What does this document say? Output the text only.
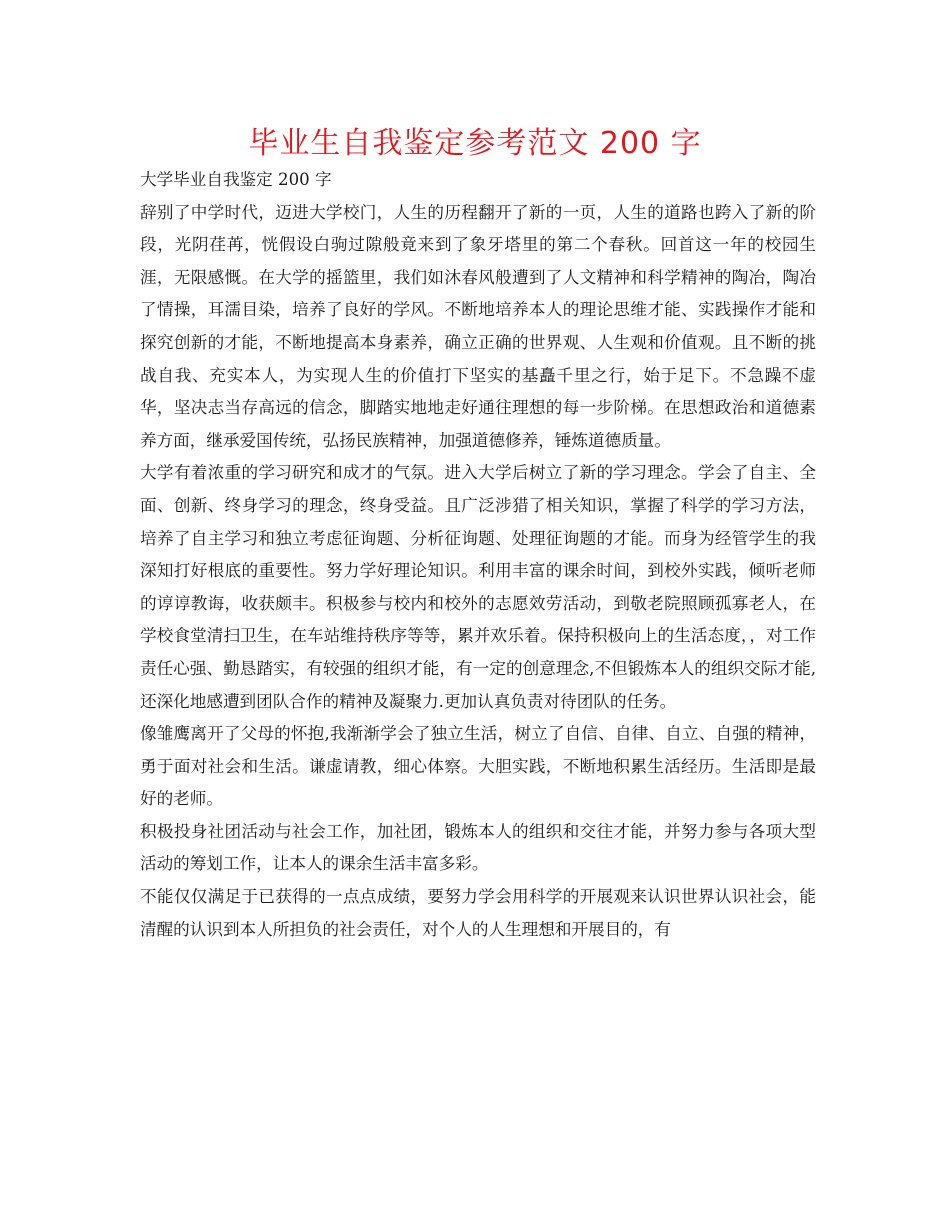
毕业生自我鉴定参考范文 200 字

大学毕业自我鉴定 200 字

辞别了中学时代，迈进大学校门，人生的历程翻开了新的一页，人生的道路也跨入了新的阶段，光阴荏苒，恍假设白驹过隙般竟来到了象牙塔里的第二个春秋。回首这一年的校园生涯，无限感慨。在大学的摇篮里，我们如沐春风般遭到了人文精神和科学精神的陶冶，陶冶了情操，耳濡目染，培养了良好的学风。不断地培养本人的理论思维才能、实践操作才能和探究创新的才能，不断地提高本身素养，确立正确的世界观、人生观和价值观。且不断的挑战自我、充实本人，为实现人生的价值打下坚实的基矗千里之行，始于足下。不急躁不虚华，坚决志当存高远的信念，脚踏实地地走好通往理想的每一步阶梯。在思想政治和道德素养方面，继承爱国传统，弘扬民族精神，加强道德修养，锤炼道德质量。

大学有着浓重的学习研究和成才的气氛。进入大学后树立了新的学习理念。学会了自主、全面、创新、终身学习的理念，终身受益。且广泛涉猎了相关知识，掌握了科学的学习方法，培养了自主学习和独立考虑征询题、分析征询题、处理征询题的才能。而身为经管学生的我深知打好根底的重要性。努力学好理论知识。利用丰富的课余时间，到校外实践，倾听老师的谆谆教诲，收获颇丰。积极参与校内和校外的志愿效劳活动，到敬老院照顾孤寡老人，在学校食堂清扫卫生，在车站维持秩序等等，累并欢乐着。保持积极向上的生活态度，，对工作责任心强、勤恳踏实，有较强的组织才能，有一定的创意理念,不但锻炼本人的组织交际才能,还深化地感遭到团队合作的精神及凝聚力.更加认真负责对待团队的任务。

像雏鹰离开了父母的怀抱,我渐渐学会了独立生活，树立了自信、自律、自立、自强的精神，勇于面对社会和生活。谦虚请教，细心体察。大胆实践，不断地积累生活经历。生活即是最好的老师。

积极投身社团活动与社会工作，加社团，锻炼本人的组织和交往才能，并努力参与各项大型活动的筹划工作，让本人的课余生活丰富多彩。

不能仅仅满足于已获得的一点点成绩，要努力学会用科学的开展观来认识世界认识社会，能清醒的认识到本人所担负的社会责任，对个人的人生理想和开展目的，有
